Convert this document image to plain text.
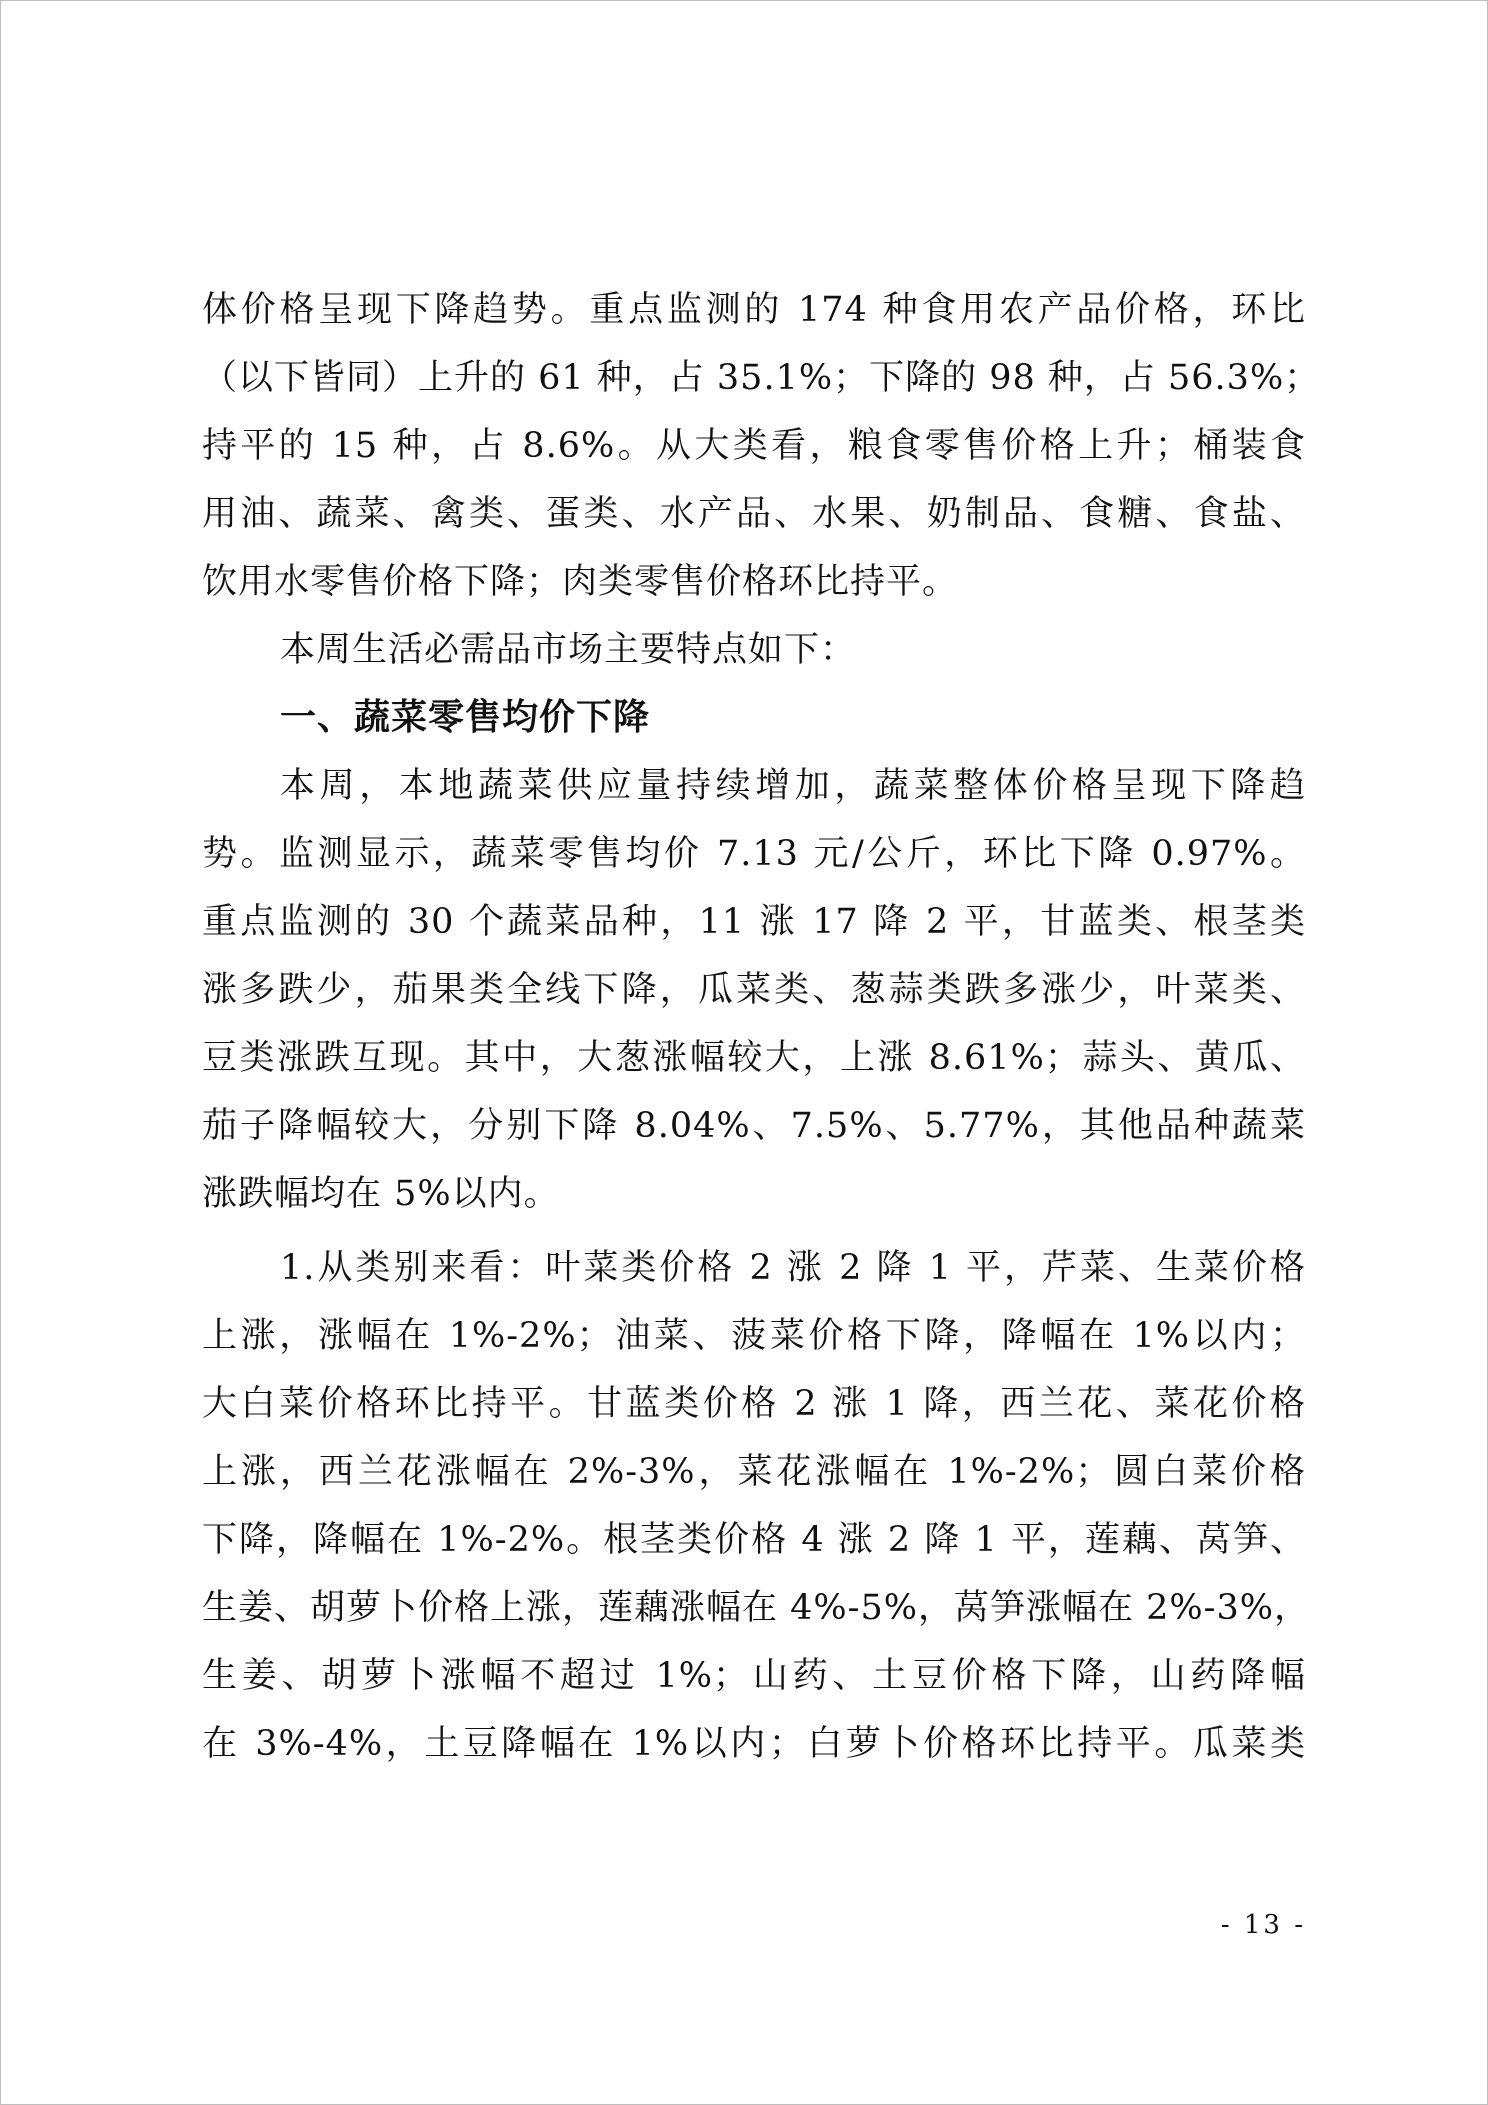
体价格呈现下降趋势。重点监测的 174 种食用农产品价格，环比
（以下皆同）上升的 61 种，占 35.1%；下降的 98 种，占 56.3%；
持平的 15 种，占 8.6%。从大类看，粮食零售价格上升；桶装食
用油、蔬菜、禽类、蛋类、水产品、水果、奶制品、食糖、食盐、
饮用水零售价格下降；肉类零售价格环比持平。
本周生活必需品市场主要特点如下：
一、蔬菜零售均价下降
本周，本地蔬菜供应量持续增加，蔬菜整体价格呈现下降趋
势。监测显示，蔬菜零售均价 7.13 元/公斤，环比下降 0.97%。
重点监测的 30 个蔬菜品种，11 涨 17 降 2 平，甘蓝类、根茎类
涨多跌少，茄果类全线下降，瓜菜类、葱蒜类跌多涨少，叶菜类、
豆类涨跌互现。其中，大葱涨幅较大，上涨 8.61%；蒜头、黄瓜、
茄子降幅较大，分别下降 8.04%、7.5%、5.77%，其他品种蔬菜
涨跌幅均在 5%以内。
1.从类别来看：叶菜类价格 2 涨 2 降 1 平，芹菜、生菜价格
上涨，涨幅在 1%-2%；油菜、菠菜价格下降，降幅在 1%以内；
大白菜价格环比持平。甘蓝类价格 2 涨 1 降，西兰花、菜花价格
上涨，西兰花涨幅在 2%-3%，菜花涨幅在 1%-2%；圆白菜价格
下降，降幅在 1%-2%。根茎类价格 4 涨 2 降 1 平，莲藕、莴笋、
生姜、胡萝卜价格上涨，莲藕涨幅在 4%-5%，莴笋涨幅在 2%-3%，
生姜、胡萝卜涨幅不超过 1%；山药、土豆价格下降，山药降幅
在 3%-4%，土豆降幅在 1%以内；白萝卜价格环比持平。瓜菜类
- 13 -
